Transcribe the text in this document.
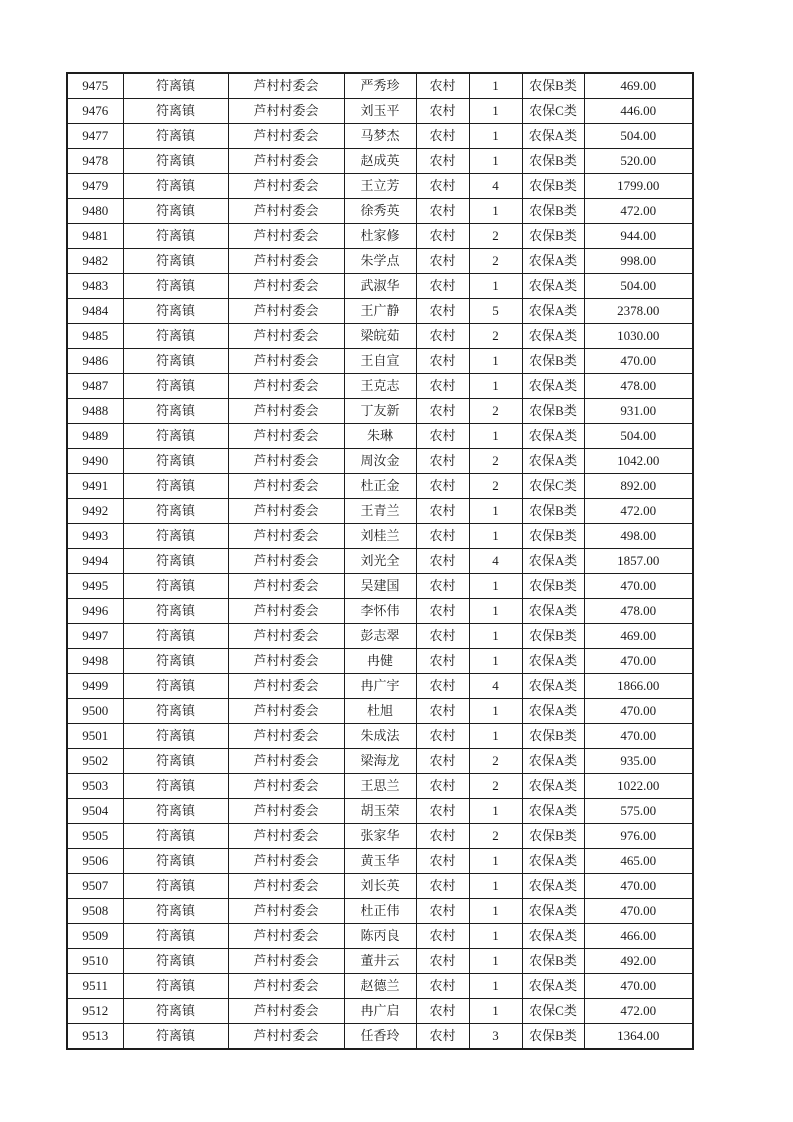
9475	符离镇	芦村村委会	严秀珍	农村	1	农保B类	469.00
9476	符离镇	芦村村委会	刘玉平	农村	1	农保C类	446.00
9477	符离镇	芦村村委会	马梦杰	农村	1	农保A类	504.00
9478	符离镇	芦村村委会	赵成英	农村	1	农保B类	520.00
9479	符离镇	芦村村委会	王立芳	农村	4	农保B类	1799.00
9480	符离镇	芦村村委会	徐秀英	农村	1	农保B类	472.00
9481	符离镇	芦村村委会	杜家修	农村	2	农保B类	944.00
9482	符离镇	芦村村委会	朱学点	农村	2	农保A类	998.00
9483	符离镇	芦村村委会	武淑华	农村	1	农保A类	504.00
9484	符离镇	芦村村委会	王广静	农村	5	农保A类	2378.00
9485	符离镇	芦村村委会	梁皖茹	农村	2	农保A类	1030.00
9486	符离镇	芦村村委会	王自宣	农村	1	农保B类	470.00
9487	符离镇	芦村村委会	王克志	农村	1	农保A类	478.00
9488	符离镇	芦村村委会	丁友新	农村	2	农保B类	931.00
9489	符离镇	芦村村委会	朱琳	农村	1	农保A类	504.00
9490	符离镇	芦村村委会	周汝金	农村	2	农保A类	1042.00
9491	符离镇	芦村村委会	杜正金	农村	2	农保C类	892.00
9492	符离镇	芦村村委会	王青兰	农村	1	农保B类	472.00
9493	符离镇	芦村村委会	刘桂兰	农村	1	农保B类	498.00
9494	符离镇	芦村村委会	刘光全	农村	4	农保A类	1857.00
9495	符离镇	芦村村委会	吴建国	农村	1	农保B类	470.00
9496	符离镇	芦村村委会	李怀伟	农村	1	农保A类	478.00
9497	符离镇	芦村村委会	彭志翠	农村	1	农保B类	469.00
9498	符离镇	芦村村委会	冉健	农村	1	农保A类	470.00
9499	符离镇	芦村村委会	冉广宇	农村	4	农保A类	1866.00
9500	符离镇	芦村村委会	杜旭	农村	1	农保A类	470.00
9501	符离镇	芦村村委会	朱成法	农村	1	农保B类	470.00
9502	符离镇	芦村村委会	梁海龙	农村	2	农保A类	935.00
9503	符离镇	芦村村委会	王思兰	农村	2	农保A类	1022.00
9504	符离镇	芦村村委会	胡玉荣	农村	1	农保A类	575.00
9505	符离镇	芦村村委会	张家华	农村	2	农保B类	976.00
9506	符离镇	芦村村委会	黄玉华	农村	1	农保A类	465.00
9507	符离镇	芦村村委会	刘长英	农村	1	农保A类	470.00
9508	符离镇	芦村村委会	杜正伟	农村	1	农保A类	470.00
9509	符离镇	芦村村委会	陈丙良	农村	1	农保A类	466.00
9510	符离镇	芦村村委会	董井云	农村	1	农保B类	492.00
9511	符离镇	芦村村委会	赵德兰	农村	1	农保A类	470.00
9512	符离镇	芦村村委会	冉广启	农村	1	农保C类	472.00
9513	符离镇	芦村村委会	任香玲	农村	3	农保B类	1364.00
